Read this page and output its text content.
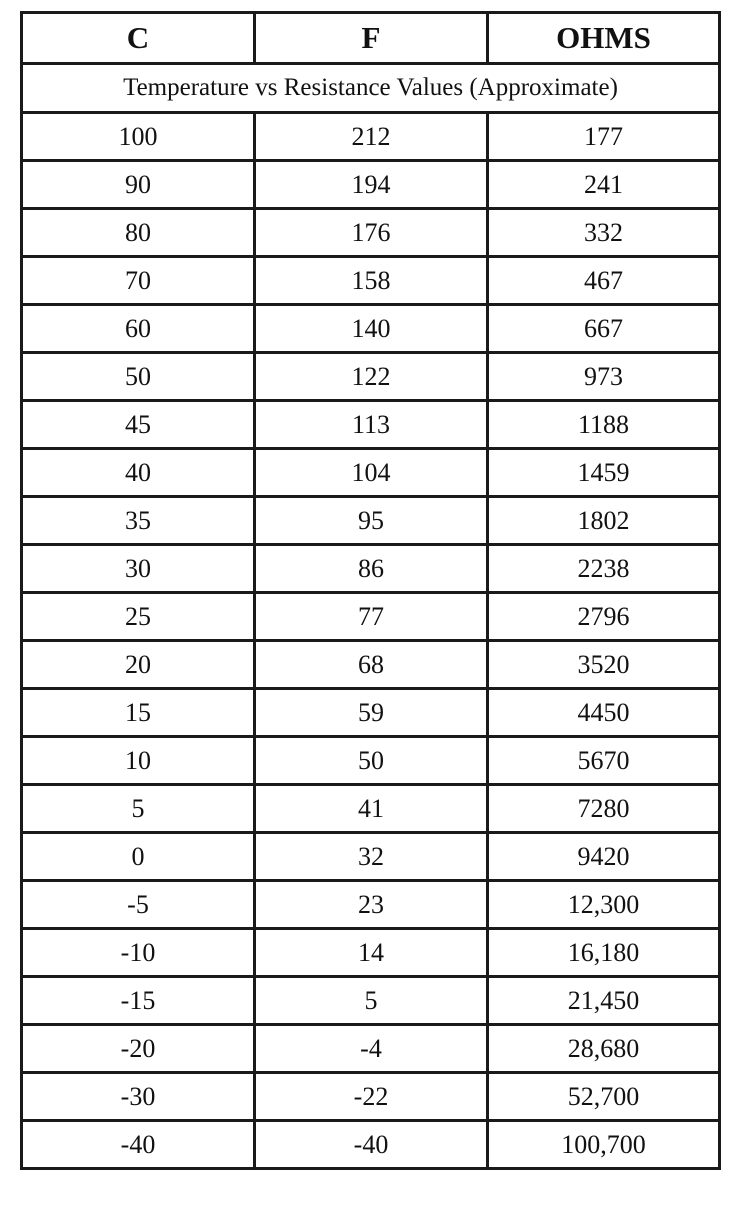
C	F	OHMS
Temperature vs Resistance Values (Approximate)		
100	212	177
90	194	241
80	176	332
70	158	467
60	140	667
50	122	973
45	113	1188
40	104	1459
35	95	1802
30	86	2238
25	77	2796
20	68	3520
15	59	4450
10	50	5670
5	41	7280
0	32	9420
-5	23	12,300
-10	14	16,180
-15	5	21,450
-20	-4	28,680
-30	-22	52,700
-40	-40	100,700
